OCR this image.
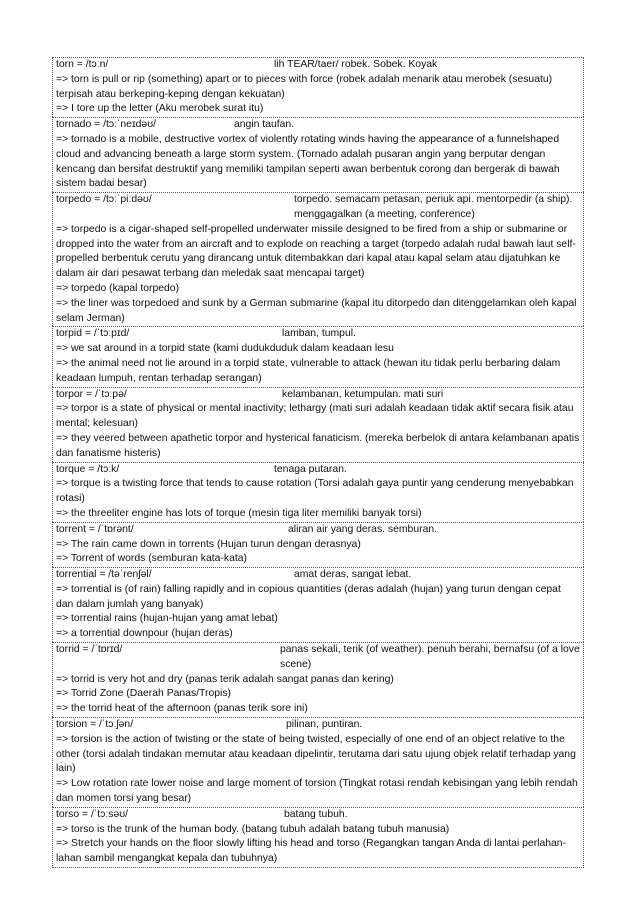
torn = /tɔːn/	lih TEAR/taer/ robek. Sobek. Koyak
=> torn is pull or rip (something) apart or to pieces with force (robek adalah menarik atau merobek (sesuatu) terpisah atau berkeping-keping dengan kekuatan)
=> I tore up the letter (Aku merobek surat itu)
tornado = /tɔːˈneɪdəʊ/	angin taufan.
=> tornado is a mobile, destructive vortex of violently rotating winds having the appearance of a funnelshaped cloud and advancing beneath a large storm system. (Tornado adalah pusaran angin yang berputar dengan kencang dan bersifat destruktif yang memiliki tampilan seperti awan berbentuk corong dan bergerak di bawah sistem badai besar)
torpedo = /tɔːˈpiːdəʊ/	torpedo. semacam petasan, periuk api. mentorpedir (a ship). menggagalkan (a meeting, conference)
=> torpedo is a cigar-shaped self-propelled underwater missile designed to be fired from a ship or submarine or dropped into the water from an aircraft and to explode on reaching a target (torpedo adalah rudal bawah laut self-propelled berbentuk cerutu yang dirancang untuk ditembakkan dari kapal atau kapal selam atau dijatuhkan ke dalam air dari pesawat terbang dan meledak saat mencapai target)
=> torpedo (kapal torpedo)
=> the liner was torpedoed and sunk by a German submarine (kapal itu ditorpedo dan ditenggelamkan oleh kapal selam Jerman)
torpid = /ˈtɔːpɪd/	lamban, tumpul.
=> we sat around in a torpid state (kami dudukduduk dalam keadaan lesu
=> the animal need not lie around in a torpid state, vulnerable to attack (hewan itu tidak perlu berbaring dalam keadaan lumpuh, rentan terhadap serangan)
torpor = /ˈtɔːpə/	kelambanan, ketumpulan. mati suri
=> torpor is a state of physical or mental inactivity; lethargy (mati suri adalah keadaan tidak aktif secara fisik atau mental; kelesuan)
=> they veered between apathetic torpor and hysterical fanaticism. (mereka berbelok di antara kelambanan apatis dan fanatisme histeris)
torque = /tɔːk/	tenaga putaran.
=> torque is a twisting force that tends to cause rotation (Torsi adalah gaya puntir yang cenderung menyebabkan rotasi)
=> the threeliter engine has lots of torque (mesin tiga liter memiliki banyak torsi)
torrent = /ˈtɒrənt/	aliran air yang deras. semburan.
=> The rain came down in torrents (Hujan turun dengan derasnya)
=> Torrent of words (semburan kata-kata)
torrential = /təˈrenʃəl/	amat deras, sangat lebat.
=> torrential is (of rain) falling rapidly and in copious quantities (deras adalah (hujan) yang turun dengan cepat dan dalam jumlah yang banyak)
=> torrential rains (hujan-hujan yang amat lebat)
=> a torrential downpour (hujan deras)
torrid = /ˈtɒrɪd/	panas sekali, terik (of weather). penuh berahi, bernafsu (of a love scene)
=> torrid is very hot and dry (panas terik adalah sangat panas dan kering)
=> Torrid Zone (Daerah Panas/Tropis)
=> the torrid heat of the afternoon (panas terik sore ini)
torsion = /ˈtɔːʃən/	pilinan, puntiran.
=> torsion is the action of twisting or the state of being twisted, especially of one end of an object relative to the other (torsi adalah tindakan memutar atau keadaan dipelintir, terutama dari satu ujung objek relatif terhadap yang lain)
=> Low rotation rate lower noise and large moment of torsion (Tingkat rotasi rendah kebisingan yang lebih rendah dan momen torsi yang besar)
torso = /ˈtɔːsəʊ/	batang tubuh.
=> torso is the trunk of the human body. (batang tubuh adalah batang tubuh manusia)
=> Stretch your hands on the floor slowly lifting his head and torso (Regangkan tangan Anda di lantai perlahan-lahan sambil mengangkat kepala dan tubuhnya)
